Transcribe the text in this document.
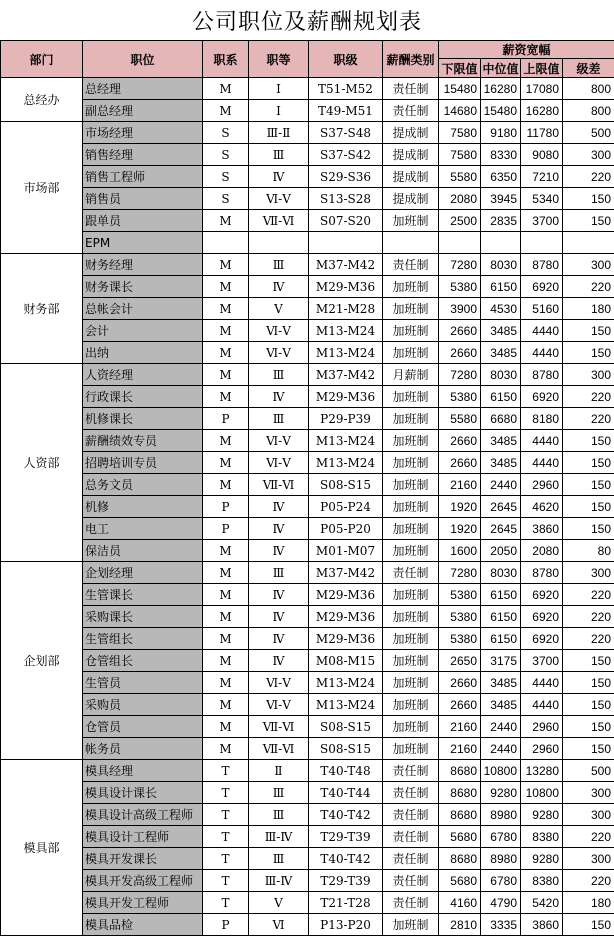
公司职位及薪酬规划表
部门	职位	职系	职等	职级	薪酬类别	薪资宽幅			
						下限值	中位值	上限值	级差
总经办	总经理	M	Ⅰ	T51-M52	责任制	15480	16280	17080	800
	副总经理	M	Ⅰ	T49-M51	责任制	14680	15480	16280	800
市场部	市场经理	S	Ⅲ-Ⅱ	S37-S48	提成制	7580	9180	11780	500
	销售经理	S	Ⅲ	S37-S42	提成制	7580	8330	9080	300
	销售工程师	S	Ⅳ	S29-S36	提成制	5580	6350	7210	220
	销售员	S	Ⅵ-Ⅴ	S13-S28	提成制	2080	3945	5340	150
	跟单员	M	Ⅶ-Ⅵ	S07-S20	加班制	2500	2835	3700	150
	EPM								
财务部	财务经理	M	Ⅲ	M37-M42	责任制	7280	8030	8780	300
	财务课长	M	Ⅳ	M29-M36	加班制	5380	6150	6920	220
	总帐会计	M	Ⅴ	M21-M28	加班制	3900	4530	5160	180
	会计	M	Ⅵ-Ⅴ	M13-M24	加班制	2660	3485	4440	150
	出纳	M	Ⅵ-Ⅴ	M13-M24	加班制	2660	3485	4440	150
人资部	人资经理	M	Ⅲ	M37-M42	月薪制	7280	8030	8780	300
	行政课长	M	Ⅳ	M29-M36	加班制	5380	6150	6920	220
	机修课长	P	Ⅲ	P29-P39	加班制	5580	6680	8180	220
	薪酬绩效专员	M	Ⅵ-Ⅴ	M13-M24	加班制	2660	3485	4440	150
	招聘培训专员	M	Ⅵ-Ⅴ	M13-M24	加班制	2660	3485	4440	150
	总务文员	M	Ⅶ-Ⅵ	S08-S15	加班制	2160	2440	2960	150
	机修	P	Ⅳ	P05-P24	加班制	1920	2645	4620	150
	电工	P	Ⅳ	P05-P20	加班制	1920	2645	3860	150
	保洁员	M	Ⅳ	M01-M07	加班制	1600	2050	2080	80
企划部	企划经理	M	Ⅲ	M37-M42	责任制	7280	8030	8780	300
	生管课长	M	Ⅳ	M29-M36	加班制	5380	6150	6920	220
	采购课长	M	Ⅳ	M29-M36	加班制	5380	6150	6920	220
	生管组长	M	Ⅳ	M29-M36	加班制	5380	6150	6920	220
	仓管组长	M	Ⅳ	M08-M15	加班制	2650	3175	3700	150
	生管员	M	Ⅵ-Ⅴ	M13-M24	加班制	2660	3485	4440	150
	采购员	M	Ⅵ-Ⅴ	M13-M24	加班制	2660	3485	4440	150
	仓管员	M	Ⅶ-Ⅵ	S08-S15	加班制	2160	2440	2960	150
	帐务员	M	Ⅶ-Ⅵ	S08-S15	加班制	2160	2440	2960	150
模具部	模具经理	T	Ⅱ	T40-T48	责任制	8680	10800	13280	500
	模具设计课长	T	Ⅲ	T40-T44	责任制	8680	9280	10800	300
	模具设计高级工程师	T	Ⅲ	T40-T42	责任制	8680	8980	9280	300
	模具设计工程师	T	Ⅲ-Ⅳ	T29-T39	责任制	5680	6780	8380	220
	模具开发课长	T	Ⅲ	T40-T42	责任制	8680	8980	9280	300
	模具开发高级工程师	T	Ⅲ-Ⅳ	T29-T39	责任制	5680	6780	8380	220
	模具开发工程师	T	Ⅴ	T21-T28	责任制	4160	4790	5420	180
	模具品检	P	Ⅵ	P13-P20	加班制	2810	3335	3860	150
